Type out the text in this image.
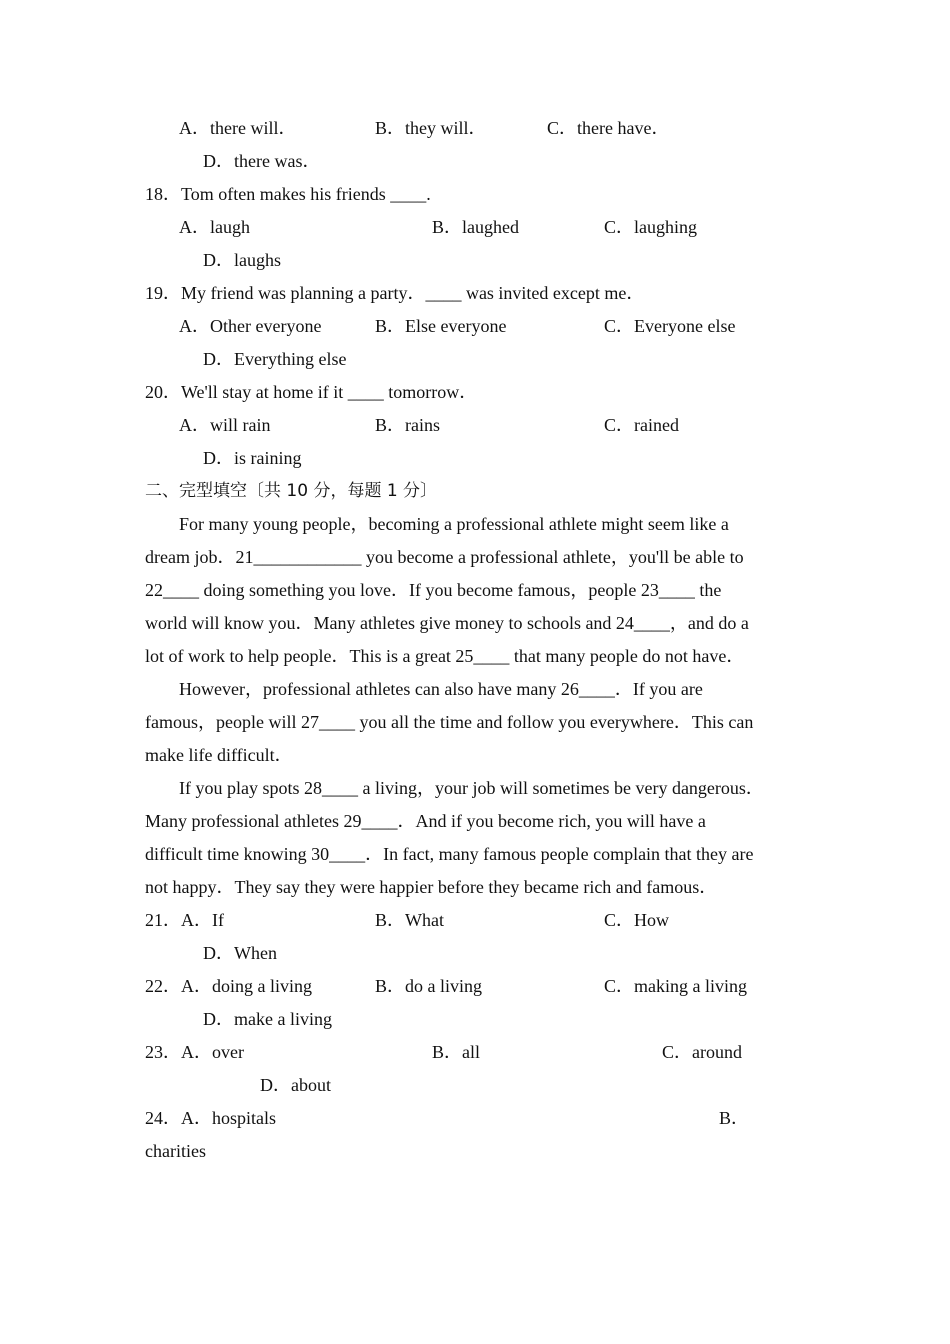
A．there will．	B．they will．	C．there have．
D．there was．
18．Tom often makes his friends ____.
A．laugh	B．laughed	C．laughing
D．laughs
19．My friend was planning a party．____ was invited except me．
A．Other everyone	B．Else everyone	C．Everyone else
D．Everything else
20．We'll stay at home if it ____ tomorrow．
A．will rain	B．rains	C．rained
D．is raining
二、完型填空〔共 10 分，每题 1 分〕
For many young people，becoming a professional athlete might seem like a
dream job．21____________ you become a professional athlete，you'll be able to
22____ doing something you love．If you become famous，people 23____ the
world will know you．Many athletes give money to schools and 24____，and do a
lot of work to help people．This is a great 25____ that many people do not have．
However，professional athletes can also have many 26____．If you are
famous，people will 27____ you all the time and follow you everywhere．This can
make life difficult．
If you play spots 28____ a living，your job will sometimes be very dangerous．
Many professional athletes 29____．And if you become rich, you will have a
difficult time knowing 30____．In fact, many famous people complain that they are
not happy．They say they were happier before they became rich and famous．
21．A．If	B．What	C．How
D．When
22．A．doing a living	B．do a living	C．making a living
D．make a living
23．A．over	B．all	C．around
D．about
24．A．hospitals	B．
charities
